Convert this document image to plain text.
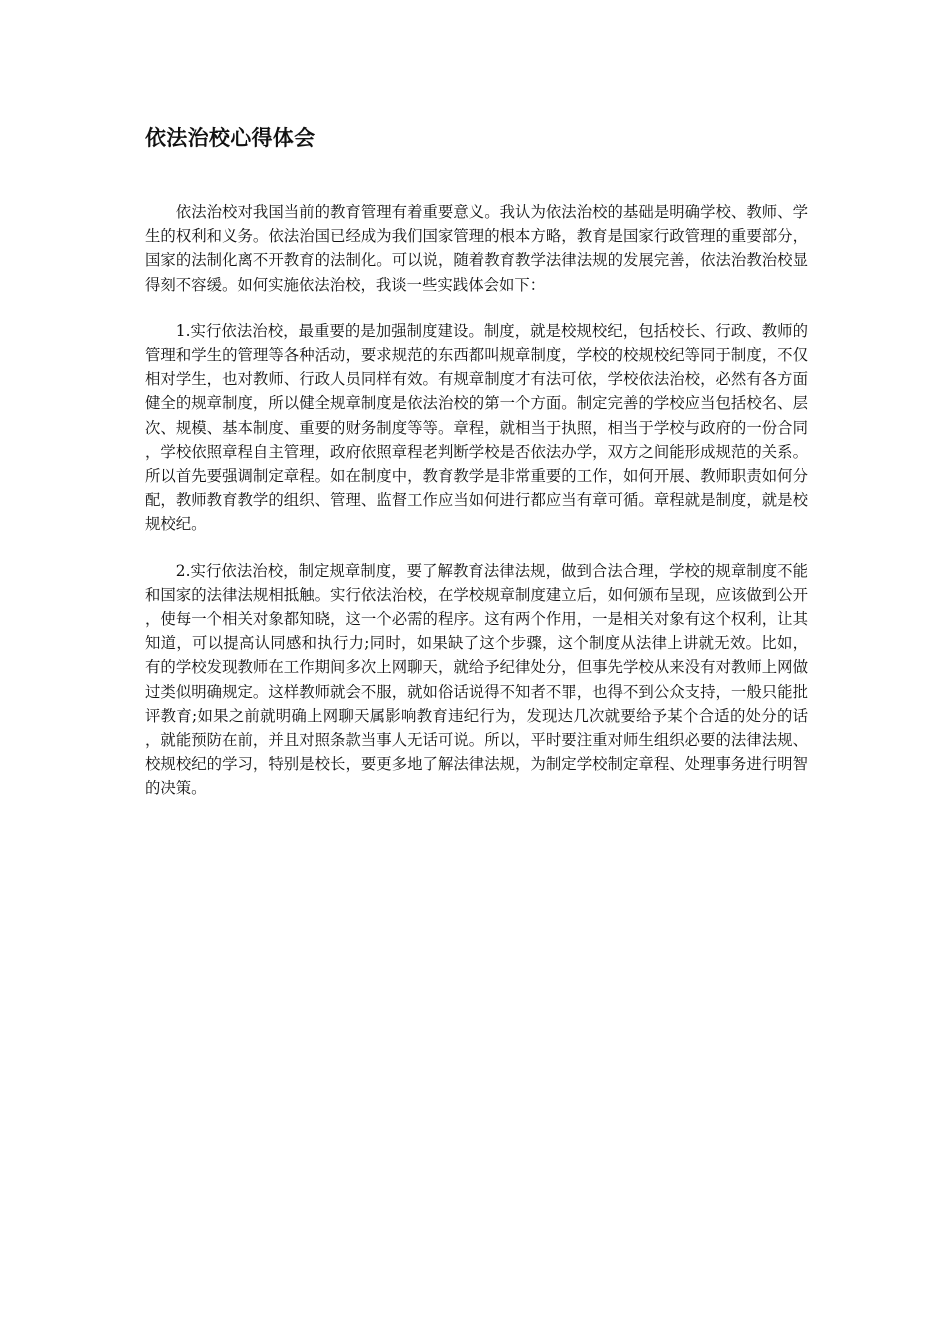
依法治校心得体会

依法治校对我国当前的教育管理有着重要意义。我认为依法治校的基础是明确学校、教师、学生的权利和义务。依法治国已经成为我们国家管理的根本方略，教育是国家行政管理的重要部分，国家的法制化离不开教育的法制化。可以说，随着教育教学法律法规的发展完善，依法治教治校显得刻不容缓。如何实施依法治校，我谈一些实践体会如下：

1.实行依法治校，最重要的是加强制度建设。制度，就是校规校纪，包括校长、行政、教师的管理和学生的管理等各种活动，要求规范的东西都叫规章制度，学校的校规校纪等同于制度，不仅相对学生，也对教师、行政人员同样有效。有规章制度才有法可依，学校依法治校，必然有各方面健全的规章制度，所以健全规章制度是依法治校的第一个方面。制定完善的学校应当包括校名、层次、规模、基本制度、重要的财务制度等等。章程，就相当于执照，相当于学校与政府的一份合同，学校依照章程自主管理，政府依照章程老判断学校是否依法办学，双方之间能形成规范的关系。所以首先要强调制定章程。如在制度中，教育教学是非常重要的工作，如何开展、教师职责如何分配，教师教育教学的组织、管理、监督工作应当如何进行都应当有章可循。章程就是制度，就是校规校纪。

2.实行依法治校，制定规章制度，要了解教育法律法规，做到合法合理，学校的规章制度不能和国家的法律法规相抵触。实行依法治校，在学校规章制度建立后，如何颁布呈现，应该做到公开，使每一个相关对象都知晓，这一个必需的程序。这有两个作用，一是相关对象有这个权利，让其知道，可以提高认同感和执行力;同时，如果缺了这个步骤，这个制度从法律上讲就无效。比如，有的学校发现教师在工作期间多次上网聊天，就给予纪律处分，但事先学校从来没有对教师上网做过类似明确规定。这样教师就会不服，就如俗话说得不知者不罪，也得不到公众支持，一般只能批评教育;如果之前就明确上网聊天属影响教育违纪行为，发现达几次就要给予某个合适的处分的话，就能预防在前，并且对照条款当事人无话可说。所以，平时要注重对师生组织必要的法律法规、校规校纪的学习，特别是校长，要更多地了解法律法规，为制定学校制定章程、处理事务进行明智的决策。
